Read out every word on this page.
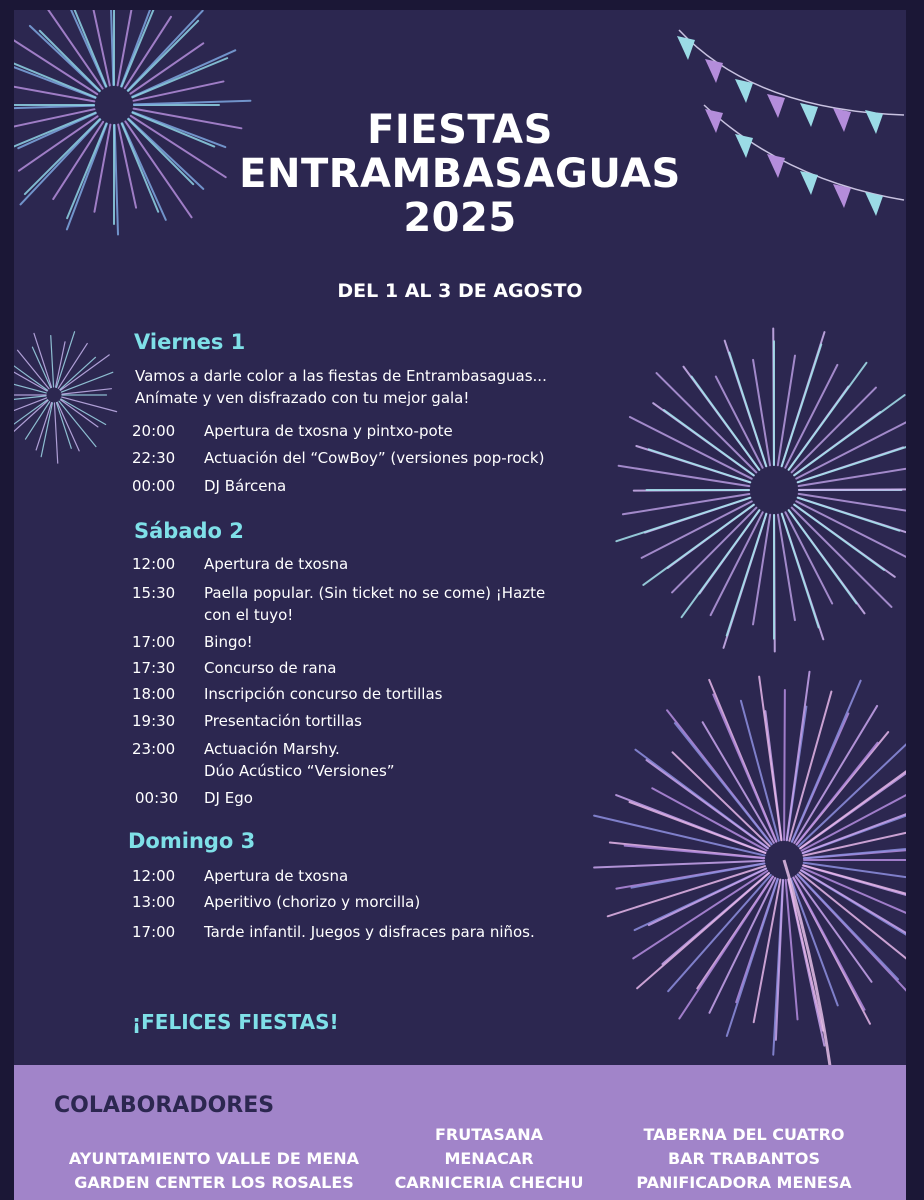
FIESTAS
ENTRAMBASAGUAS
2025
DEL 1 AL 3 DE AGOSTO
Viernes 1
Vamos a darle color a las fiestas de Entrambasaguas...
Anímate y ven disfrazado con tu mejor gala!
20:00	Apertura de txosna y pintxo-pote
22:30	Actuación del “CowBoy” (versiones pop-rock)
00:00	DJ Bárcena
Sábado 2
12:00	Apertura de txosna
15:30	Paella popular. (Sin ticket no se come) ¡Hazte
con el tuyo!
17:00	Bingo!
17:30	Concurso de rana
18:00	Inscripción concurso de tortillas
19:30	Presentación tortillas
23:00	Actuación Marshy.
Dúo Acústico “Versiones”
00:30	DJ Ego
Domingo 3
12:00	Apertura de txosna
13:00	Aperitivo (chorizo y morcilla)
17:00	Tarde infantil. Juegos y disfraces para niños.
¡FELICES FIESTAS!
COLABORADORES
AYUNTAMIENTO VALLE DE MENA
GARDEN CENTER LOS ROSALES
FRUTASANA
MENACAR
CARNICERIA CHECHU
TABERNA DEL CUATRO
BAR TRABANTOS
PANIFICADORA MENESA
